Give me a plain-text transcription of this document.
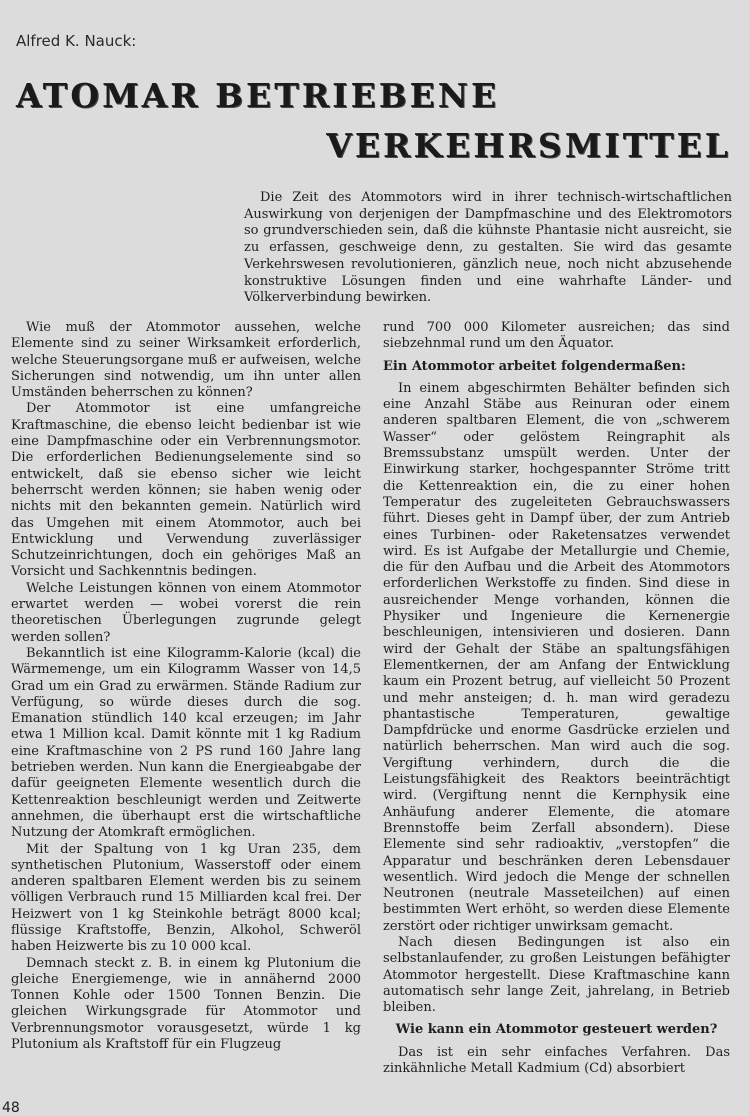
Alfred K. Nauck:
ATOMAR BETRIEBENE
VERKEHRSMITTEL

Die Zeit des Atommotors wird in ihrer technisch-wirtschaftlichen Auswirkung von derjenigen der Dampfmaschine und des Elektromotors so grundverschieden sein, daß die kühnste Phantasie nicht ausreicht, sie zu erfassen, geschweige denn, zu gestalten. Sie wird das gesamte Verkehrswesen revolutionieren, gänzlich neue, noch nicht abzusehende konstruktive Lösungen finden und eine wahrhafte Länder- und Völkerverbindung bewirken.

Wie muß der Atommotor aussehen, welche Elemente sind zu seiner Wirksamkeit erforderlich, welche Steuerungsorgane muß er aufweisen, welche Sicherungen sind notwendig, um ihn unter allen Umständen beherrschen zu können?

Der Atommotor ist eine umfangreiche Kraftmaschine, die ebenso leicht bedienbar ist wie eine Dampfmaschine oder ein Verbrennungsmotor. Die erforderlichen Bedienungselemente sind so entwickelt, daß sie ebenso sicher wie leicht beherrscht werden können; sie haben wenig oder nichts mit den bekannten gemein. Natürlich wird das Umgehen mit einem Atommotor, auch bei Entwicklung und Verwendung zuverlässiger Schutzeinrichtungen, doch ein gehöriges Maß an Vorsicht und Sachkenntnis bedingen.

Welche Leistungen können von einem Atommotor erwartet werden — wobei vorerst die rein theoretischen Überlegungen zugrunde gelegt werden sollen?

Bekanntlich ist eine Kilogramm-Kalorie (kcal) die Wärmemenge, um ein Kilogramm Wasser von 14,5 Grad um ein Grad zu erwärmen. Stände Radium zur Verfügung, so würde dieses durch die sog. Emanation stündlich 140 kcal erzeugen; im Jahr etwa 1 Million kcal. Damit könnte mit 1 kg Radium eine Kraftmaschine von 2 PS rund 160 Jahre lang betrieben werden. Nun kann die Energieabgabe der dafür geeigneten Elemente wesentlich durch die Kettenreaktion beschleunigt werden und Zeitwerte annehmen, die überhaupt erst die wirtschaftliche Nutzung der Atomkraft ermöglichen.

Mit der Spaltung von 1 kg Uran 235, dem synthetischen Plutonium, Wasserstoff oder einem anderen spaltbaren Element werden bis zu seinem völligen Verbrauch rund 15 Milliarden kcal frei. Der Heizwert von 1 kg Steinkohle beträgt 8000 kcal; flüssige Kraftstoffe, Benzin, Alkohol, Schweröl haben Heizwerte bis zu 10 000 kcal.

Demnach steckt z. B. in einem kg Plutonium die gleiche Energiemenge, wie in annähernd 2000 Tonnen Kohle oder 1500 Tonnen Benzin. Die gleichen Wirkungsgrade für Atommotor und Verbrennungsmotor vorausgesetzt, würde 1 kg Plutonium als Kraftstoff für ein Flugzeug

rund 700 000 Kilometer ausreichen; das sind siebzehnmal rund um den Äquator.

Ein Atommotor arbeitet folgendermaßen:

In einem abgeschirmten Behälter befinden sich eine Anzahl Stäbe aus Reinuran oder einem anderen spaltbaren Element, die von „schwerem Wasser“ oder gelöstem Reingraphit als Bremssubstanz umspült werden. Unter der Einwirkung starker, hochgespannter Ströme tritt die Kettenreaktion ein, die zu einer hohen Temperatur des zugeleiteten Gebrauchswassers führt. Dieses geht in Dampf über, der zum Antrieb eines Turbinen- oder Raketensatzes verwendet wird. Es ist Aufgabe der Metallurgie und Chemie, die für den Aufbau und die Arbeit des Atommotors erforderlichen Werkstoffe zu finden. Sind diese in ausreichender Menge vorhanden, können die Physiker und Ingenieure die Kernenergie beschleunigen, intensivieren und dosieren. Dann wird der Gehalt der Stäbe an spaltungsfähigen Elementkernen, der am Anfang der Entwicklung kaum ein Prozent betrug, auf vielleicht 50 Prozent und mehr ansteigen; d. h. man wird geradezu phantastische Temperaturen, gewaltige Dampfdrücke und enorme Gasdrücke erzielen und natürlich beherrschen. Man wird auch die sog. Vergiftung verhindern, durch die die Leistungsfähigkeit des Reaktors beeinträchtigt wird. (Vergiftung nennt die Kernphysik eine Anhäufung anderer Elemente, die atomare Brennstoffe beim Zerfall absondern). Diese Elemente sind sehr radioaktiv, „verstopfen“ die Apparatur und beschränken deren Lebensdauer wesentlich. Wird jedoch die Menge der schnellen Neutronen (neutrale Masseteilchen) auf einen bestimmten Wert erhöht, so werden diese Elemente zerstört oder richtiger unwirksam gemacht.

Nach diesen Bedingungen ist also ein selbstanlaufender, zu großen Leistungen befähigter Atommotor hergestellt. Diese Kraftmaschine kann automatisch sehr lange Zeit, jahrelang, in Betrieb bleiben.

Wie kann ein Atommotor gesteuert werden?

Das ist ein sehr einfaches Verfahren. Das zinkähnliche Metall Kadmium (Cd) absorbiert

48
